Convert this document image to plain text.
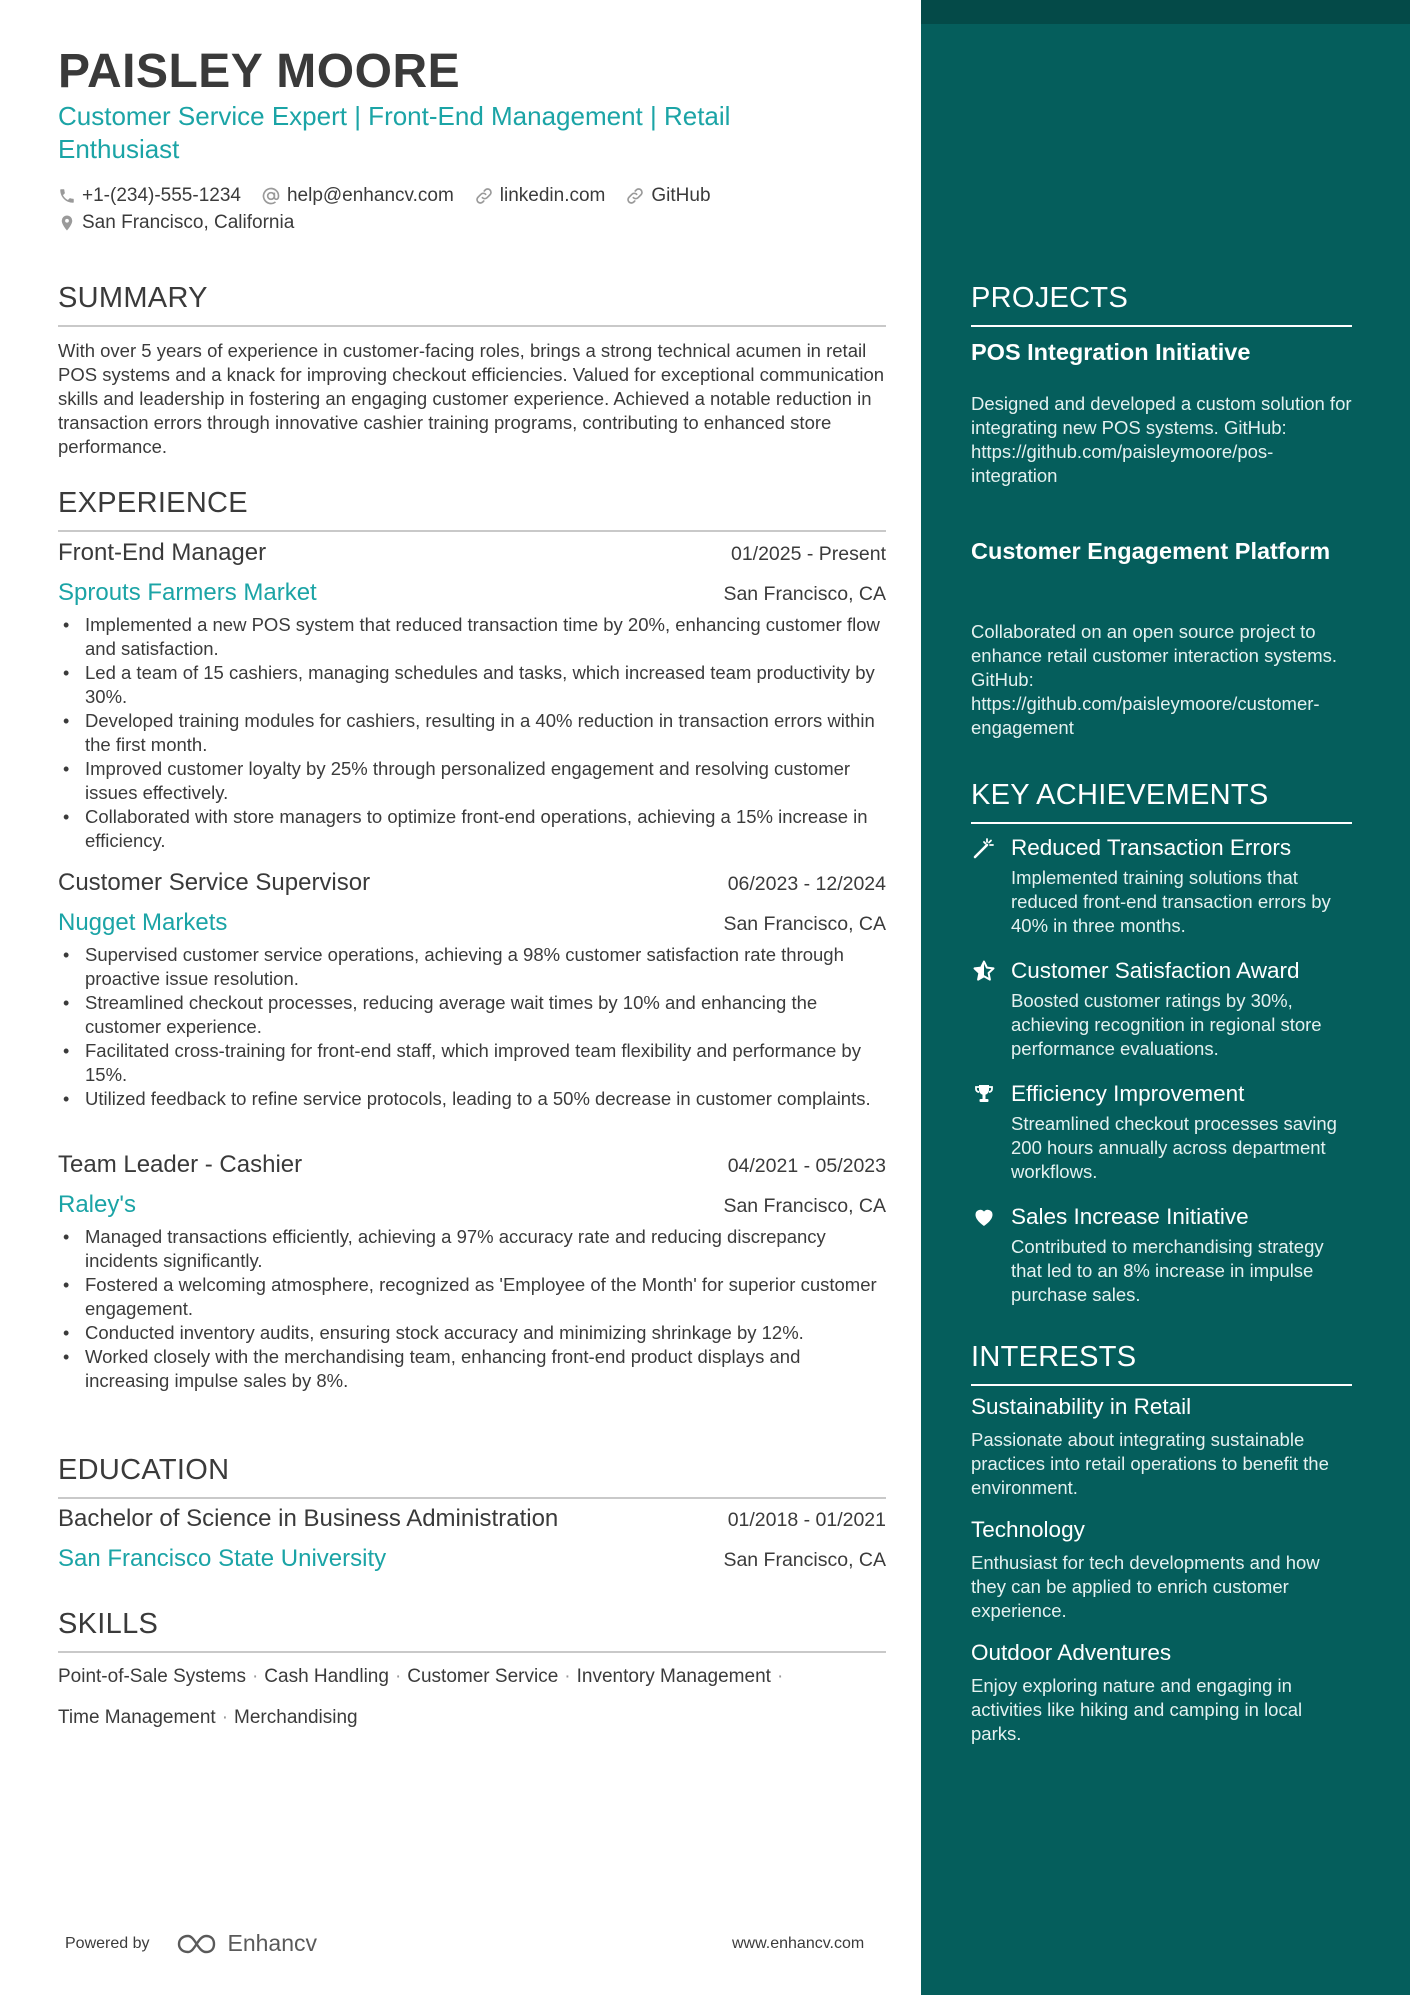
PAISLEY MOORE

Customer Service Expert | Front-End Management | Retail Enthusiast

+1-(234)-555-1234 help@enhancv.com linkedin.com GitHub
San Francisco, California
SUMMARY

With over 5 years of experience in customer-facing roles, brings a strong technical acumen in retail POS systems and a knack for improving checkout efficiencies. Valued for exceptional communication skills and leadership in fostering an engaging customer experience. Achieved a notable reduction in transaction errors through innovative cashier training programs, contributing to enhanced store performance.

EXPERIENCE
Front-End Manager	01/2025 - Present
Sprouts Farmers Market	San Francisco, CA
• Implemented a new POS system that reduced transaction time by 20%, enhancing customer flow and satisfaction.
• Led a team of 15 cashiers, managing schedules and tasks, which increased team productivity by 30%.
• Developed training modules for cashiers, resulting in a 40% reduction in transaction errors within the first month.
• Improved customer loyalty by 25% through personalized engagement and resolving customer issues effectively.
• Collaborated with store managers to optimize front-end operations, achieving a 15% increase in efficiency.
Customer Service Supervisor	06/2023 - 12/2024
Nugget Markets	San Francisco, CA
• Supervised customer service operations, achieving a 98% customer satisfaction rate through proactive issue resolution.
• Streamlined checkout processes, reducing average wait times by 10% and enhancing the customer experience.
• Facilitated cross-training for front-end staff, which improved team flexibility and performance by 15%.
• Utilized feedback to refine service protocols, leading to a 50% decrease in customer complaints.
Team Leader - Cashier	04/2021 - 05/2023
Raley's	San Francisco, CA
• Managed transactions efficiently, achieving a 97% accuracy rate and reducing discrepancy incidents significantly.
• Fostered a welcoming atmosphere, recognized as 'Employee of the Month' for superior customer engagement.
• Conducted inventory audits, ensuring stock accuracy and minimizing shrinkage by 12%.
• Worked closely with the merchandising team, enhancing front-end product displays and increasing impulse sales by 8%.
EDUCATION
Bachelor of Science in Business Administration	01/2018 - 01/2021
San Francisco State University	San Francisco, CA
SKILLS
Point-of-Sale Systems · Cash Handling · Customer Service · Inventory Management ·
Time Management · Merchandising
Powered by	Enhancv	www.enhancv.com
PROJECTS
POS Integration Initiative

Designed and developed a custom solution for integrating new POS systems. GitHub: https://github.com/paisleymoore/pos-integration

Customer Engagement Platform

Collaborated on an open source project to enhance retail customer interaction systems. GitHub: https://github.com/paisleymoore/customer-engagement

KEY ACHIEVEMENTS
Reduced Transaction Errors

Implemented training solutions that reduced front-end transaction errors by 40% in three months.

Customer Satisfaction Award

Boosted customer ratings by 30%, achieving recognition in regional store performance evaluations.

Efficiency Improvement

Streamlined checkout processes saving 200 hours annually across department workflows.

Sales Increase Initiative

Contributed to merchandising strategy that led to an 8% increase in impulse purchase sales.

INTERESTS
Sustainability in Retail

Passionate about integrating sustainable practices into retail operations to benefit the environment.

Technology

Enthusiast for tech developments and how they can be applied to enrich customer experience.

Outdoor Adventures

Enjoy exploring nature and engaging in activities like hiking and camping in local parks.
